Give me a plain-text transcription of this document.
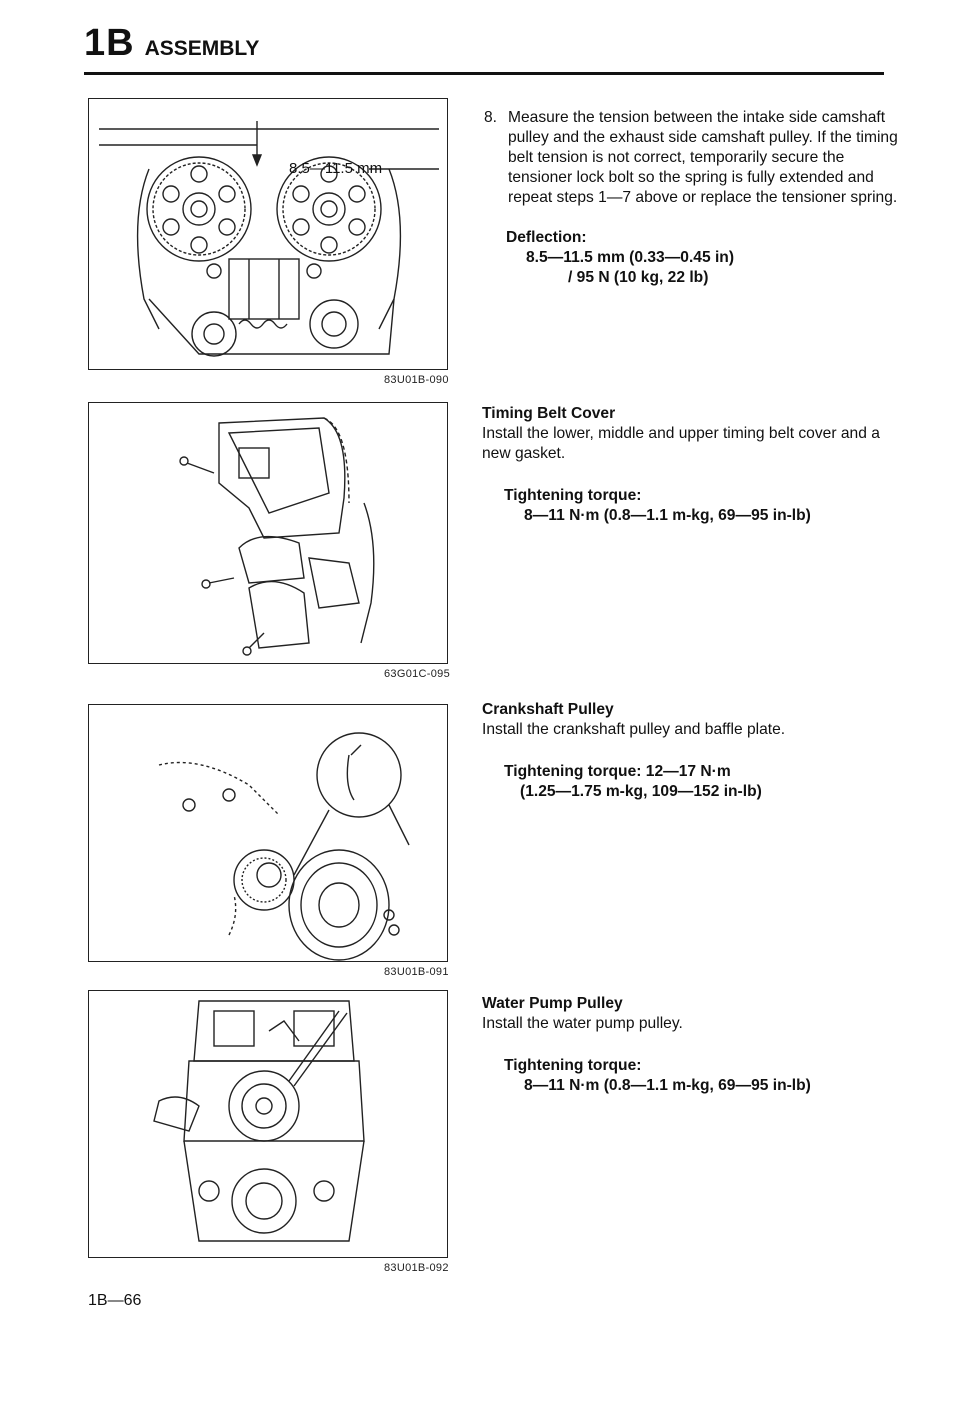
1B ASSEMBLY
8.5—11.5 mm
83U01B-090
63G01C-095
83U01B-091
83U01B-092
8. Measure the tension between the intake side camshaft pulley and the exhaust side camshaft pulley. If the timing belt tension is not correct, temporarily secure the tensioner lock bolt so the spring is fully extended and repeat steps 1—7 above or replace the tensioner spring.
Deflection:
8.5—11.5 mm (0.33—0.45 in)
/ 95 N (10 kg, 22 lb)
Timing Belt Cover
Install the lower, middle and upper timing belt cover and a new gasket.
Tightening torque:
8—11 N·m (0.8—1.1 m-kg, 69—95 in-lb)
Crankshaft Pulley
Install the crankshaft pulley and baffle plate.
Tightening torque: 12—17 N·m
(1.25—1.75 m-kg, 109—152 in-lb)
Water Pump Pulley
Install the water pump pulley.
Tightening torque:
8—11 N·m (0.8—1.1 m-kg, 69—95 in-lb)
1B—66
